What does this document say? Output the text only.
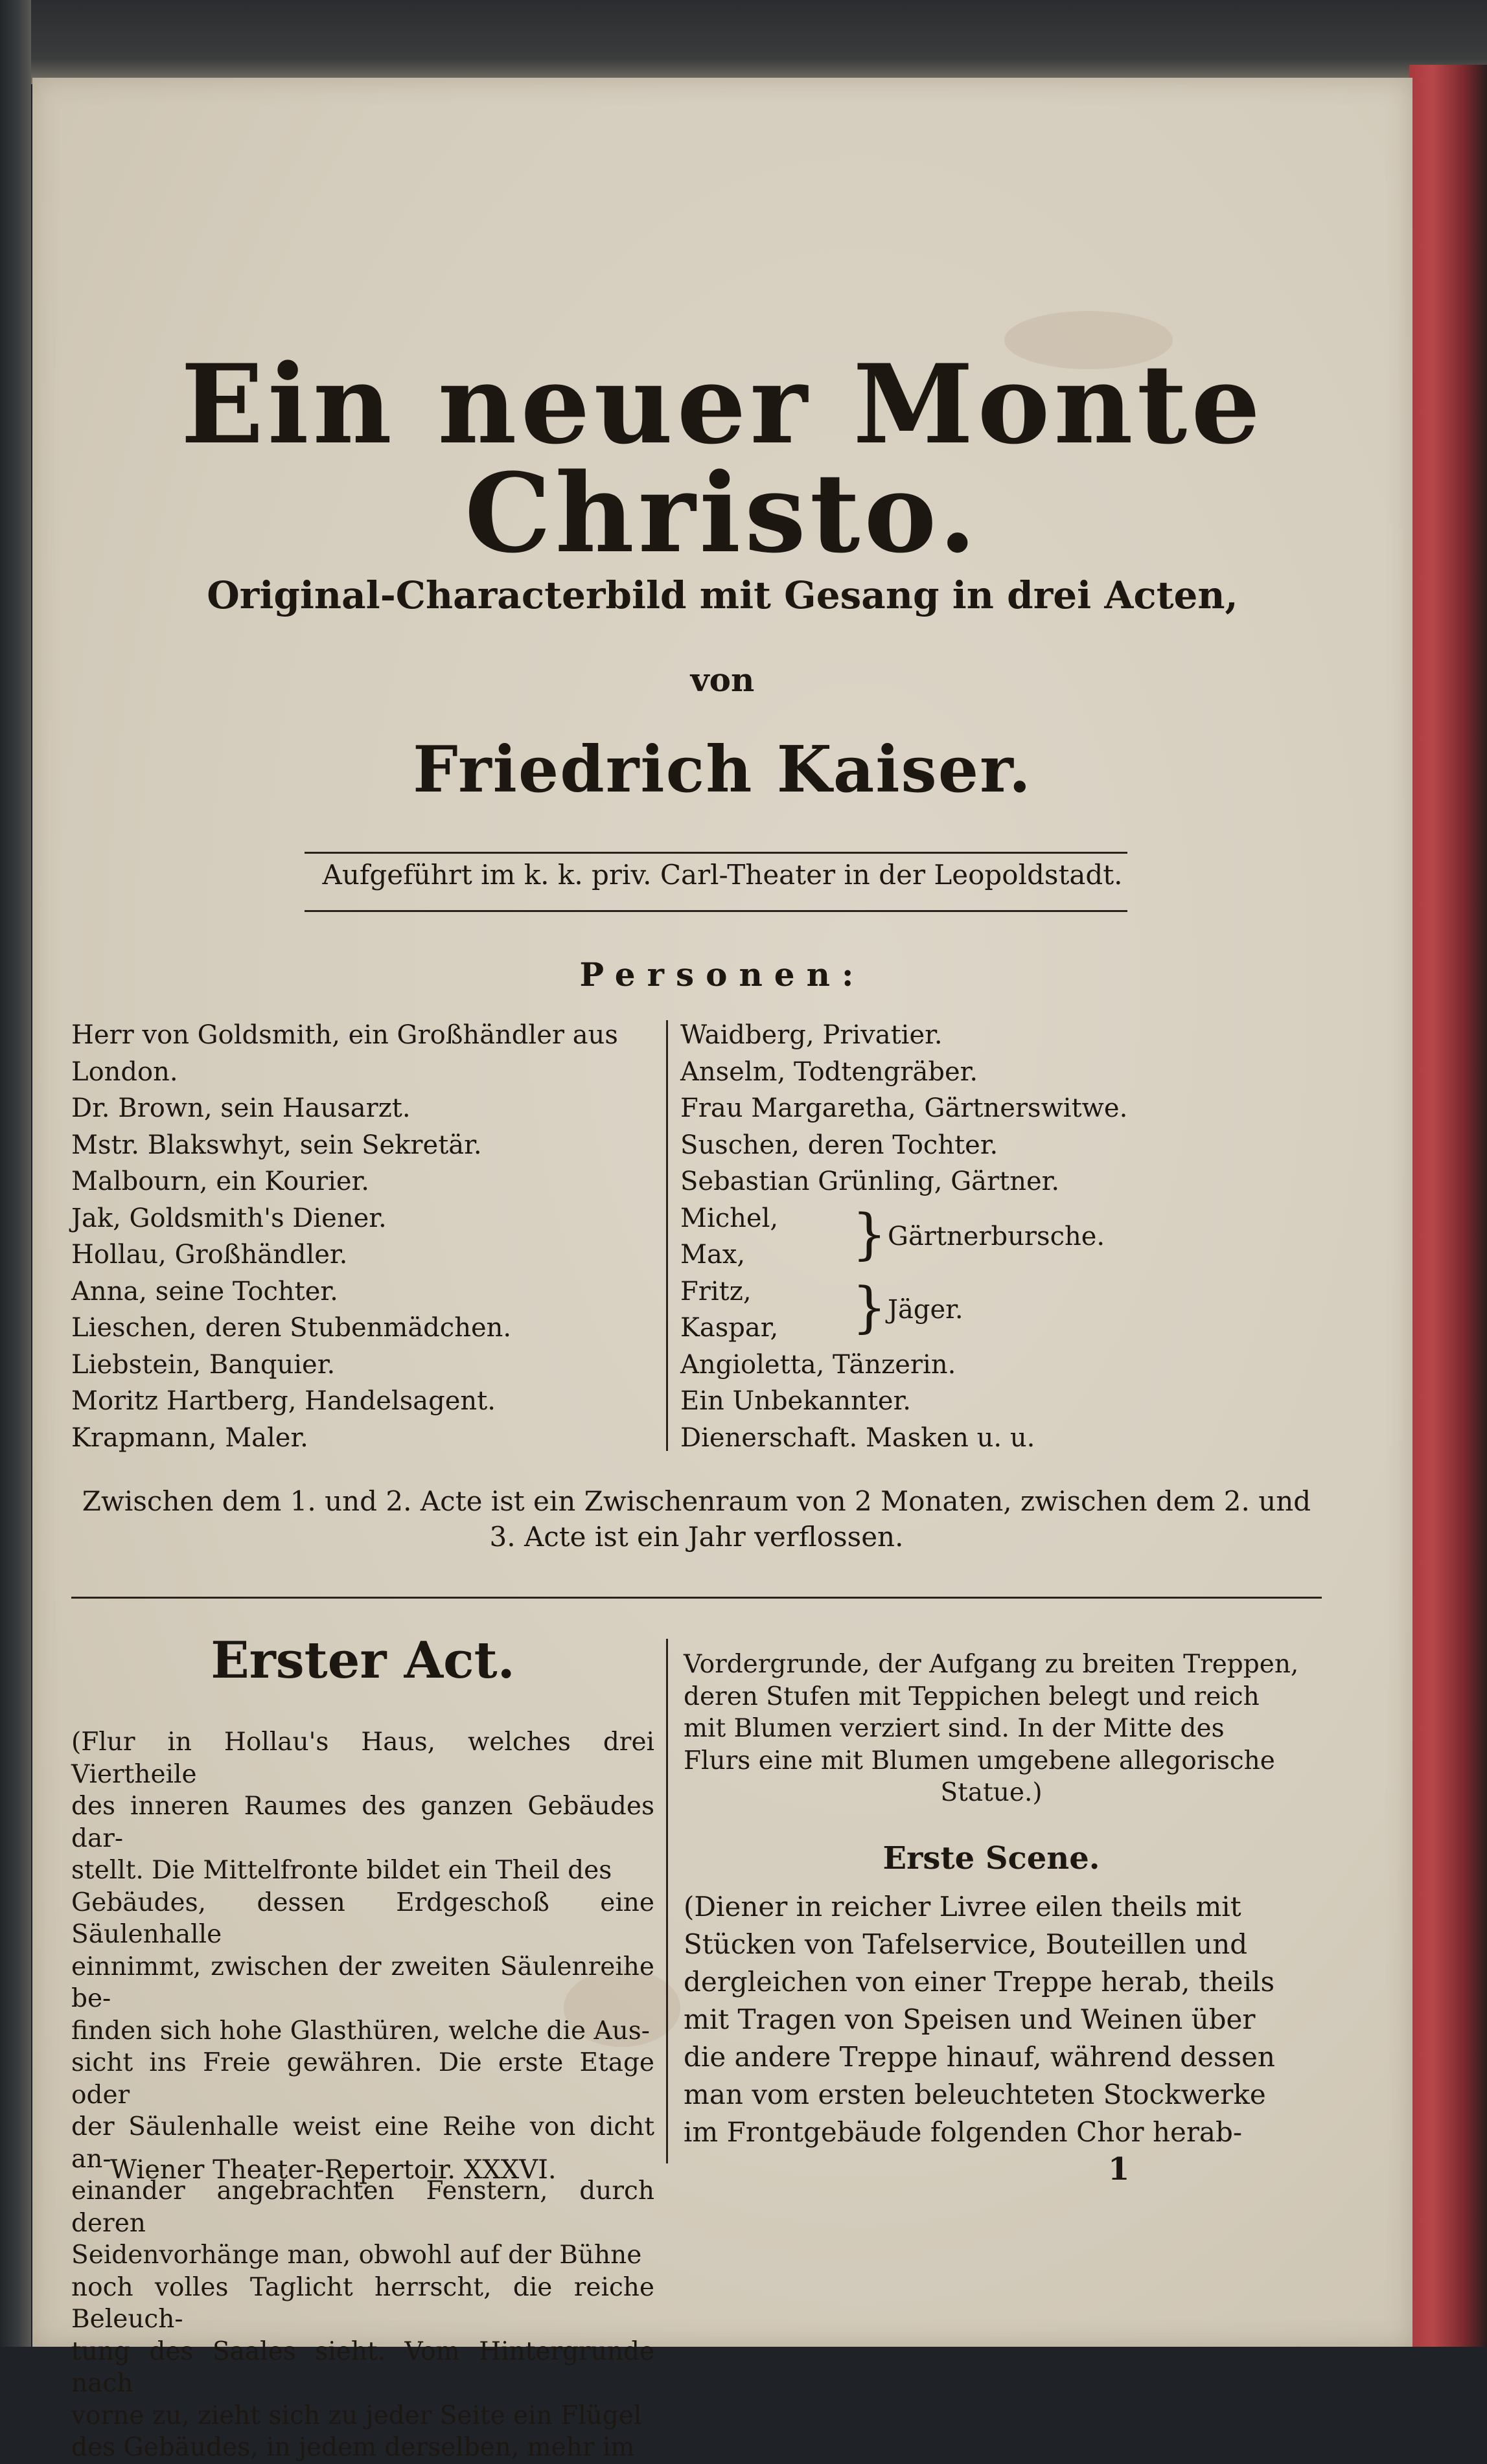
Ein neuer Monte Christo.
Original-Characterbild mit Gesang in drei Acten,
von
Friedrich Kaiser.
Aufgeführt im k. k. priv. Carl-Theater in der Leopoldstadt.
Personen:
Herr von Goldsmith, ein Großhändler aus
London.
Dr. Brown, sein Hausarzt.
Mstr. Blakswhyt, sein Sekretär.
Malbourn, ein Kourier.
Jak, Goldsmith's Diener.
Hollau, Großhändler.
Anna, seine Tochter.
Lieschen, deren Stubenmädchen.
Liebstein, Banquier.
Moritz Hartberg, Handelsagent.
Krapmann, Maler.
Waidberg, Privatier.
Anselm, Todtengräber.
Frau Margaretha, Gärtnerswitwe.
Suschen, deren Tochter.
Sebastian Grünling, Gärtner.
Michel,
Max,	} Gärtnerbursche.
Fritz,
Kaspar, } Jäger.
Angioletta, Tänzerin.
Ein Unbekannter.
Dienerschaft. Masken u. u.
Zwischen dem 1. und 2. Acte ist ein Zwischenraum von 2 Monaten, zwischen dem 2. und
3. Acte ist ein Jahr verflossen.
Erster Act.
(Flur in Hollau's Haus, welches drei Viertheile
des inneren Raumes des ganzen Gebäudes dar-
stellt. Die Mittelfronte bildet ein Theil des
Gebäudes, dessen Erdgeschoß eine Säulenhalle
einnimmt, zwischen der zweiten Säulenreihe be-
finden sich hohe Glasthüren, welche die Aus-
sicht ins Freie gewähren. Die erste Etage oder
der Säulenhalle weist eine Reihe von dicht an-
einander angebrachten Fenstern, durch deren
Seidenvorhänge man, obwohl auf der Bühne
noch volles Taglicht herrscht, die reiche Beleuch-
tung des Saales sieht. Vom Hintergrunde nach
vorne zu, zieht sich zu jeder Seite ein Flügel
des Gebäudes, in jedem derselben, mehr im
Vordergrunde, der Aufgang zu breiten Treppen,
deren Stufen mit Teppichen belegt und reich
mit Blumen verziert sind. In der Mitte des
Flurs eine mit Blumen umgebene allegorische
Statue.)
Erste Scene.
(Diener in reicher Livree eilen theils mit
Stücken von Tafelservice, Bouteillen und
dergleichen von einer Treppe herab, theils
mit Tragen von Speisen und Weinen über
die andere Treppe hinauf, während dessen
man vom ersten beleuchteten Stockwerke
im Frontgebäude folgenden Chor herab-
Wiener Theater-Repertoir. XXXVI.	1
